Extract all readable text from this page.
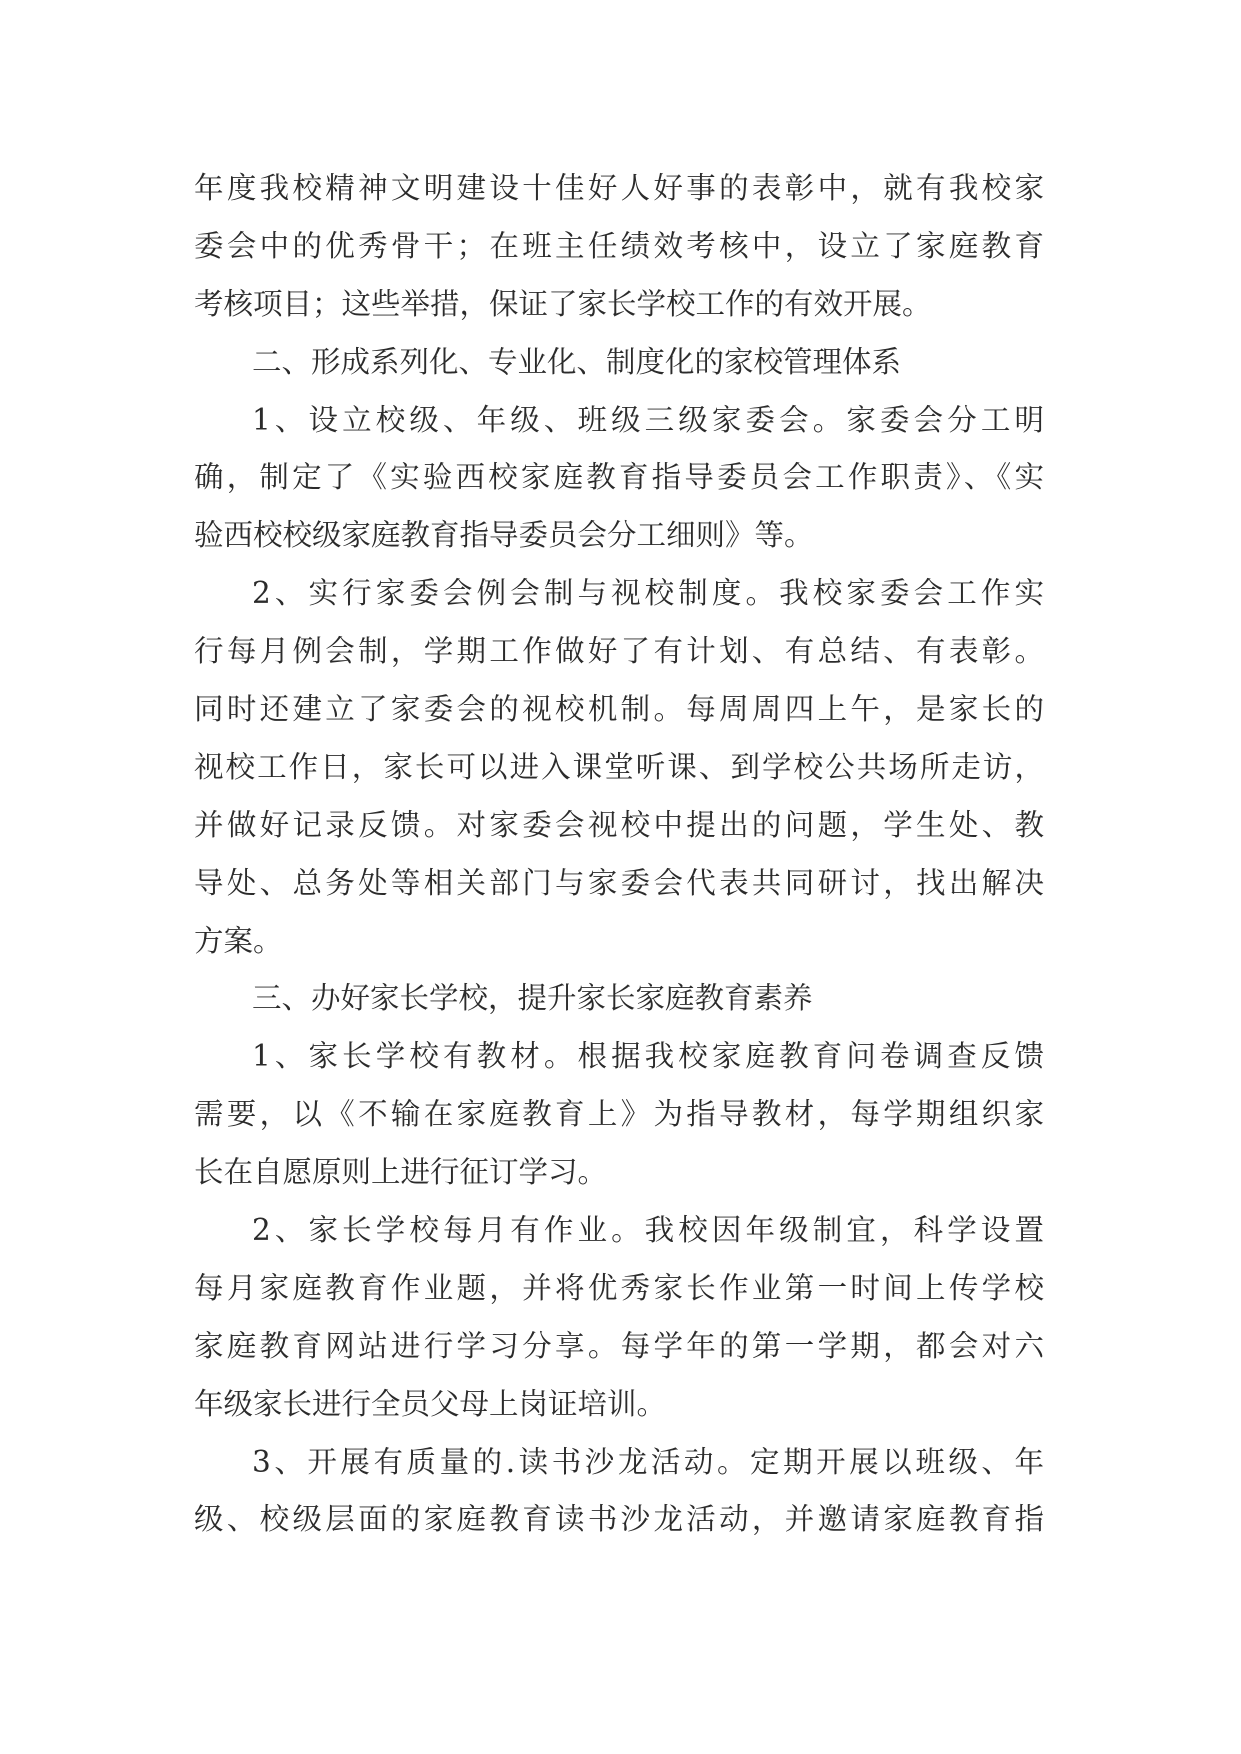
年度我校精神文明建设十佳好人好事的表彰中，就有我校家
委会中的优秀骨干；在班主任绩效考核中，设立了家庭教育
考核项目；这些举措，保证了家长学校工作的有效开展。
二、形成系列化、专业化、制度化的家校管理体系
1、设立校级、年级、班级三级家委会。家委会分工明
确，制定了《实验西校家庭教育指导委员会工作职责》、《实
验西校校级家庭教育指导委员会分工细则》等。
2、实行家委会例会制与视校制度。我校家委会工作实
行每月例会制，学期工作做好了有计划、有总结、有表彰。
同时还建立了家委会的视校机制。每周周四上午，是家长的
视校工作日，家长可以进入课堂听课、到学校公共场所走访，
并做好记录反馈。对家委会视校中提出的问题，学生处、教
导处、总务处等相关部门与家委会代表共同研讨，找出解决
方案。
三、办好家长学校，提升家长家庭教育素养
1、家长学校有教材。根据我校家庭教育问卷调查反馈
需要，以《不输在家庭教育上》为指导教材，每学期组织家
长在自愿原则上进行征订学习。
2、家长学校每月有作业。我校因年级制宜，科学设置
每月家庭教育作业题，并将优秀家长作业第一时间上传学校
家庭教育网站进行学习分享。每学年的第一学期，都会对六
年级家长进行全员父母上岗证培训。
3、开展有质量的.读书沙龙活动。定期开展以班级、年
级、校级层面的家庭教育读书沙龙活动，并邀请家庭教育指
